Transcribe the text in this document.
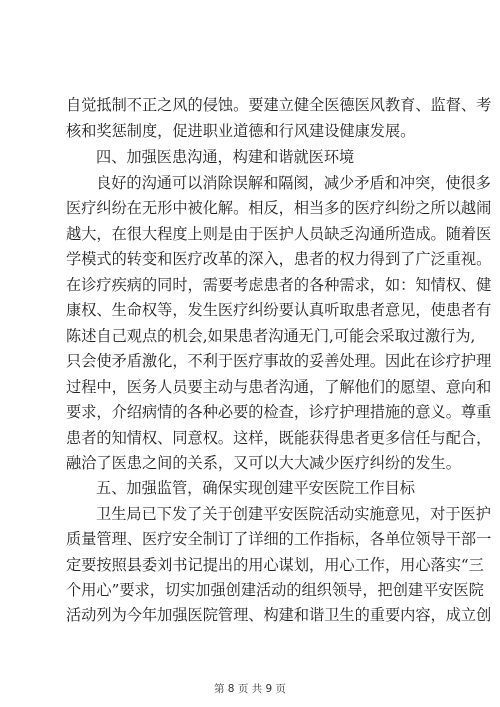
自觉抵制不正之风的侵蚀。要建立健全医德医风教育、监督、考
核和奖惩制度，促进职业道德和行风建设健康发展。
四、加强医患沟通，构建和谐就医环境
良好的沟通可以消除误解和隔阂，减少矛盾和冲突，使很多
医疗纠纷在无形中被化解。相反，相当多的医疗纠纷之所以越闹
越大，在很大程度上则是由于医护人员缺乏沟通所造成。随着医
学模式的转变和医疗改革的深入，患者的权力得到了广泛重视。
在诊疗疾病的同时，需要考虑患者的各种需求，如：知情权、健
康权、生命权等，发生医疗纠纷要认真听取患者意见，使患者有
陈述自己观点的机会,如果患者沟通无门,可能会采取过激行为,
只会使矛盾激化，不利于医疗事故的妥善处理。因此在诊疗护理
过程中，医务人员要主动与患者沟通，了解他们的愿望、意向和
要求，介绍病情的各种必要的检查，诊疗护理措施的意义。尊重
患者的知情权、同意权。这样，既能获得患者更多信任与配合，
融洽了医患之间的关系，又可以大大减少医疗纠纷的发生。
五、加强监管，确保实现创建平安医院工作目标
卫生局已下发了关于创建平安医院活动实施意见，对于医护
质量管理、医疗安全制订了详细的工作指标，各单位领导干部一
定要按照县委刘书记提出的用心谋划，用心工作，用心落实“三
个用心”要求，切实加强创建活动的组织领导，把创建平安医院
活动列为今年加强医院管理、构建和谐卫生的重要内容，成立创
第 8 页 共 9 页
